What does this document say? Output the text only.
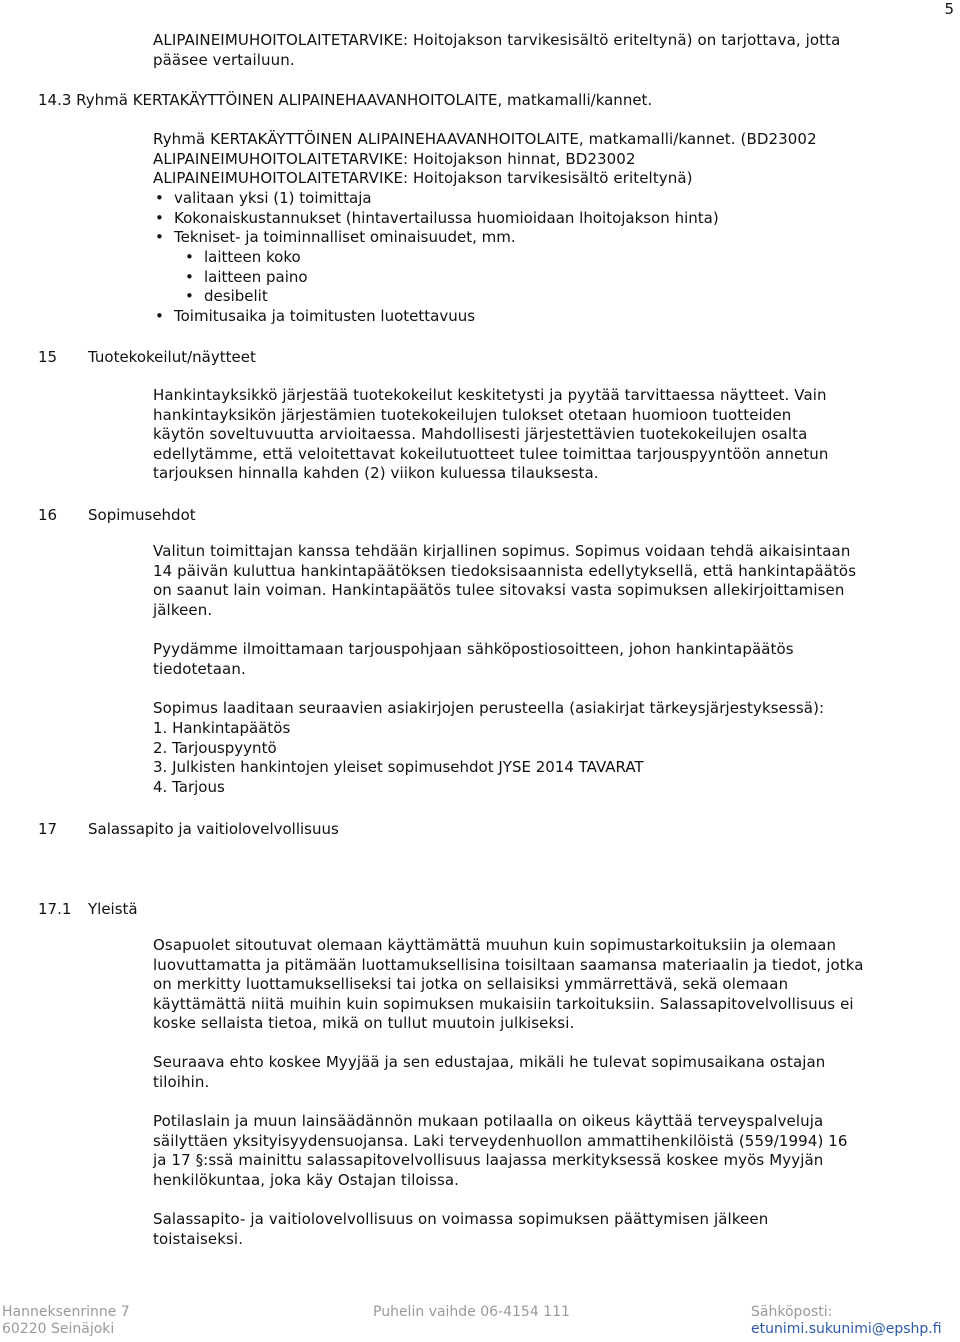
5
ALIPAINEIMUHOITOLAITETARVIKE: Hoitojakson tarvikesisältö eriteltynä) on tarjottava, jotta
pääsee vertailuun.
14.3 Ryhmä KERTAKÄYTTÖINEN ALIPAINEHAAVANHOITOLAITE, matkamalli/kannet.
Ryhmä KERTAKÄYTTÖINEN ALIPAINEHAAVANHOITOLAITE, matkamalli/kannet. (BD23002
ALIPAINEIMUHOITOLAITETARVIKE: Hoitojakson hinnat, BD23002
ALIPAINEIMUHOITOLAITETARVIKE: Hoitojakson tarvikesisältö eriteltynä)
• valitaan yksi (1) toimittaja
• Kokonaiskustannukset (hintavertailussa huomioidaan lhoitojakson hinta)
• Tekniset- ja toiminnalliset ominaisuudet, mm.
• laitteen koko
• laitteen paino
• desibelit
• Toimitusaika ja toimitusten luotettavuus
15 Tuotekokeilut/näytteet
Hankintayksikkö järjestää tuotekokeilut keskitetysti ja pyytää tarvittaessa näytteet. Vain
hankintayksikön järjestämien tuotekokeilujen tulokset otetaan huomioon tuotteiden
käytön soveltuvuutta arvioitaessa. Mahdollisesti järjestettävien tuotekokeilujen osalta
edellytämme, että veloitettavat kokeilutuotteet tulee toimittaa tarjouspyyntöön annetun
tarjouksen hinnalla kahden (2) viikon kuluessa tilauksesta.
16 Sopimusehdot
Valitun toimittajan kanssa tehdään kirjallinen sopimus. Sopimus voidaan tehdä aikaisintaan
14 päivän kuluttua hankintapäätöksen tiedoksisaannista edellytyksellä, että hankintapäätös
on saanut lain voiman. Hankintapäätös tulee sitovaksi vasta sopimuksen allekirjoittamisen
jälkeen.
Pyydämme ilmoittamaan tarjouspohjaan sähköpostiosoitteen, johon hankintapäätös
tiedotetaan.
Sopimus laaditaan seuraavien asiakirjojen perusteella (asiakirjat tärkeysjärjestyksessä):
1. Hankintapäätös
2. Tarjouspyyntö
3. Julkisten hankintojen yleiset sopimusehdot JYSE 2014 TAVARAT
4. Tarjous
17 Salassapito ja vaitiolovelvollisuus
17.1 Yleistä
Osapuolet sitoutuvat olemaan käyttämättä muuhun kuin sopimustarkoituksiin ja olemaan
luovuttamatta ja pitämään luottamuksellisina toisiltaan saamansa materiaalin ja tiedot, jotka
on merkitty luottamukselliseksi tai jotka on sellaisiksi ymmärrettävä, sekä olemaan
käyttämättä niitä muihin kuin sopimuksen mukaisiin tarkoituksiin. Salassapitovelvollisuus ei
koske sellaista tietoa, mikä on tullut muutoin julkiseksi.
Seuraava ehto koskee Myyjää ja sen edustajaa, mikäli he tulevat sopimusaikana ostajan
tiloihin.
Potilaslain ja muun lainsäädännön mukaan potilaalla on oikeus käyttää terveyspalveluja
säilyttäen yksityisyydensuojansa. Laki terveydenhuollon ammattihenkilöistä (559/1994) 16
ja 17 §:ssä mainittu salassapitovelvollisuus laajassa merkityksessä koskee myös Myyjän
henkilökuntaa, joka käy Ostajan tiloissa.
Salassapito- ja vaitiolovelvollisuus on voimassa sopimuksen päättymisen jälkeen
toistaiseksi.
Hanneksenrinne 7
60220 Seinäjoki
Puhelin vaihde 06-4154 111	Sähköposti:
etunimi.sukunimi@epshp.fi
